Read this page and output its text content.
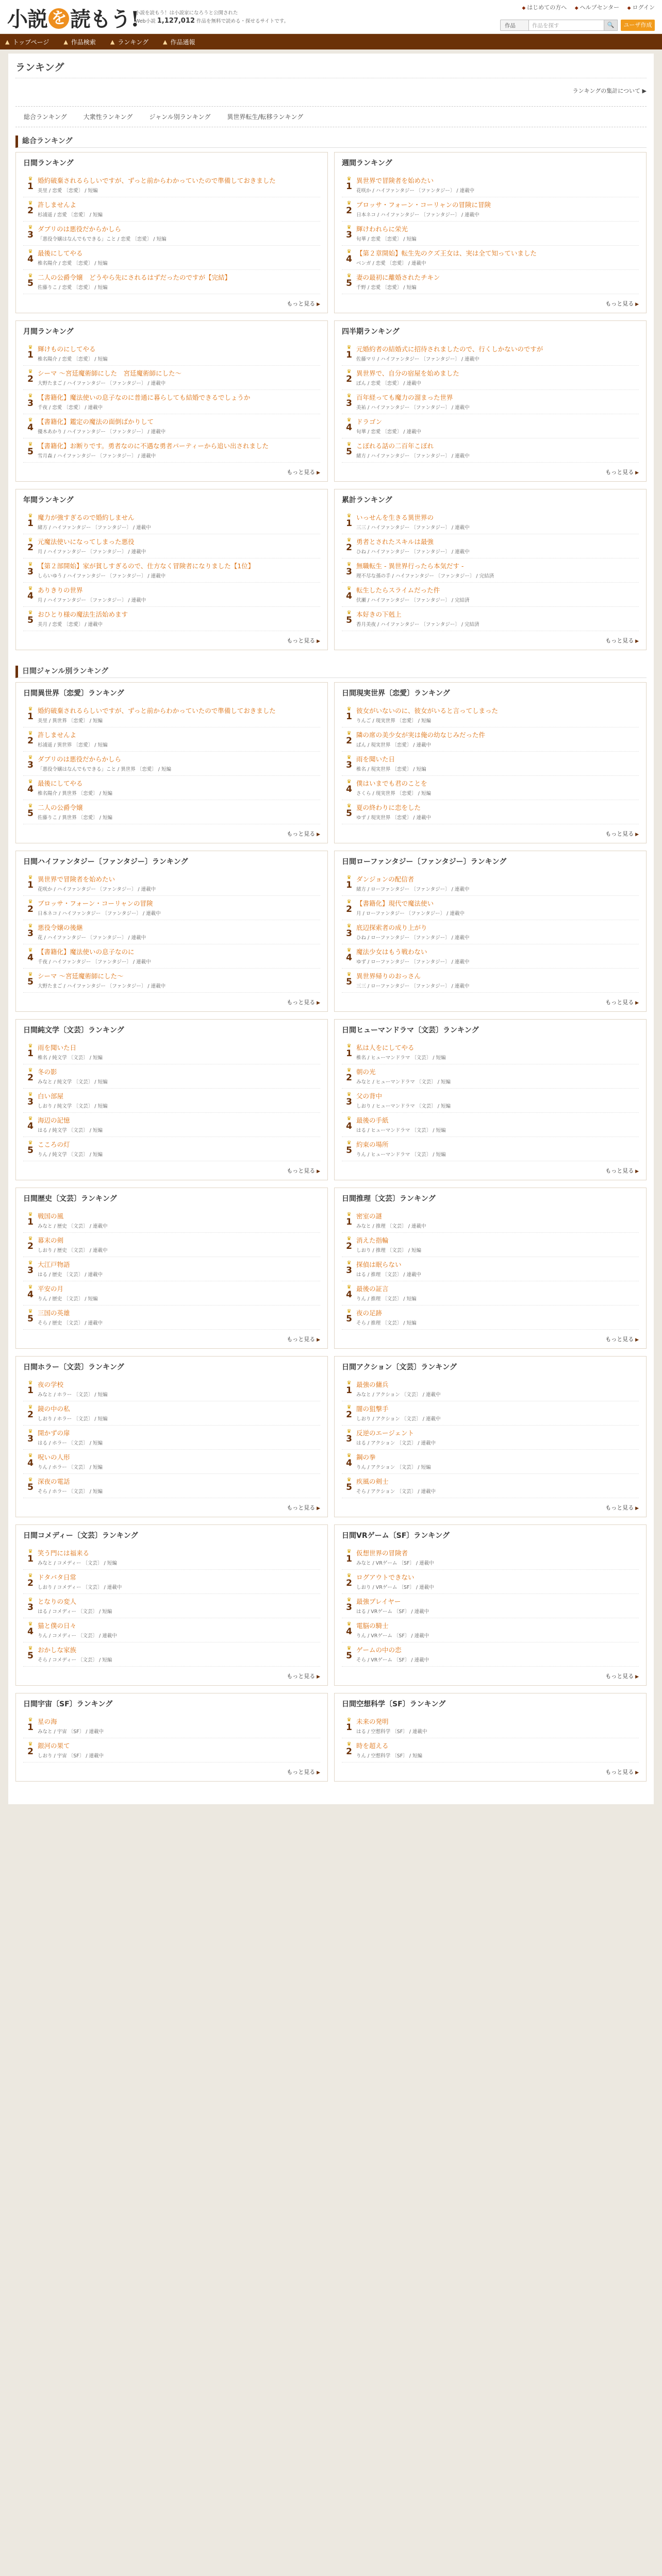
小説 を 読もう!
小説を読もう！は小説家になろうと公開された
Web小説 1,127,012 作品を無料で読める・探せるサイトです。
◆ はじめての方へ ◆ ヘルプセンター ◆ ログイン
作品	作品を探す	🔍	ユーザ作成
▲ トップページ	▲ 作品検索	▲ ランキング	▲ 作品通報
ランキング
ランキングの集計について ▶
総合ランキング	大衆性ランキング	ジャンル別ランキング	異世界転生/転移ランキング
総合ランキング
日間ランキング
♛
1
婚約破棄されるらしいですが、ずっと前からわかっていたので準備しておきました
美里 / 恋愛 〔恋愛〕 / 短編
♛
2
許しませんよ
杉浦遥 / 恋愛 〔恋愛〕 / 短編
♛
3
ダブリのは悪役だからかしら
「悪役令嬢はなんでもできる」こと / 恋愛 〔恋愛〕 / 短編
♛
4
最後にしてやる
椎名陽介 / 恋愛 〔恋愛〕 / 短編
♛
5
二人の公爵令嬢　どうやら先にされるはずだったのですが【完結】
佐藤りこ / 恋愛 〔恋愛〕 / 短編
もっと見る ▶
週間ランキング
♛
1
異世界で冒険者を始めたい
花咲か / ハイファンタジー 〔ファンタジー〕 / 連載中
♛
2
ブロッサ・フォーン・コーリャンの冒険に冒険
日本ネコ / ハイファンタジー 〔ファンタジー〕 / 連載中
♛
3
輝けわれらに栄光
旬華 / 恋愛 〔恋愛〕 / 短編
♛
4
【第２章開始】転生先のクズ王女は、実は全て知っていました
ベンガ / 恋愛 〔恋愛〕 / 連載中
♛
5
妻の最初に離婚されたチキン
千野 / 恋愛 〔恋愛〕 / 短編
もっと見る ▶
月間ランキング
♛
1
輝けものにしてやる
椎名陽介 / 恋愛 〔恋愛〕 / 短編
♛
2
シーマ 〜宮廷魔術師にした　宮廷魔術師にした〜
大野たまご / ハイファンタジー 〔ファンタジー〕 / 連載中
♛
3
【書籍化】魔法使いの息子なのに普通に暮らしても結婚できるでしょうか
千夜 / 恋愛 〔恋愛〕 / 連載中
♛
4
【書籍化】鑑定の魔法の面倒ばかりして
優木あかり / ハイファンタジー 〔ファンタジー〕 / 連載中
♛
5
【書籍化】お断りです。勇者なのに不遇な勇者パーティーから追い出されました
雪月森 / ハイファンタジー 〔ファンタジー〕 / 連載中
もっと見る ▶
四半期ランキング
♛
1
元婚約者の結婚式に招待されましたので、行くしかないのですが
佐藤マリ / ハイファンタジー 〔ファンタジー〕 / 連載中
♛
2
異世界で、自分の宿屋を始めました
ぽん / 恋愛 〔恋愛〕 / 連載中
♛
3
百年経っても魔力の溜まった世界
美祐 / ハイファンタジー 〔ファンタジー〕 / 連載中
♛
4
ドラゴン
旬華 / 恋愛 〔恋愛〕 / 連載中
♛
5
こぼれる話の二百年こぼれ
緒方 / ハイファンタジー 〔ファンタジー〕 / 連載中
もっと見る ▶
年間ランキング
♛
1
魔力が強すぎるので婚約しません
緒方 / ハイファンタジー 〔ファンタジー〕 / 連載中
♛
2
元魔法使いになってしまった悪役
月 / ハイファンタジー 〔ファンタジー〕 / 連載中
♛
3
【第２部開始】家が貧しすぎるので、仕方なく冒険者になりました【1位】
しらいゆう / ハイファンタジー 〔ファンタジー〕 / 連載中
♛
4
ありきりの世界
月 / ハイファンタジー 〔ファンタジー〕 / 連載中
♛
5
おひとり様の魔法生活始めます
美月 / 恋愛 〔恋愛〕 / 連載中
もっと見る ▶
累計ランキング
♛
1
いっせんを生きる異世界の
三三 / ハイファンタジー 〔ファンタジー〕 / 連載中
♛
2
勇者とされたスキルは最強
ひね / ハイファンタジー 〔ファンタジー〕 / 連載中
♛
3
無職転生 - 異世界行ったら本気だす -
理不尽な孫の手 / ハイファンタジー 〔ファンタジー〕 / 完結済
♛
4
転生したらスライムだった件
伏瀬 / ハイファンタジー 〔ファンタジー〕 / 完結済
♛
5
本好きの下剋上
香月美夜 / ハイファンタジー 〔ファンタジー〕 / 完結済
もっと見る ▶
日間ジャンル別ランキング
日間異世界〔恋愛〕ランキング
♛
1
婚約破棄されるらしいですが、ずっと前からわかっていたので準備しておきました
美里 / 異世界 〔恋愛〕 / 短編
♛
2
許しませんよ
杉浦遥 / 異世界 〔恋愛〕 / 短編
♛
3
ダブリのは悪役だからかしら
「悪役令嬢はなんでもできる」こと / 異世界 〔恋愛〕 / 短編
♛
4
最後にしてやる
椎名陽介 / 異世界 〔恋愛〕 / 短編
♛
5
二人の公爵令嬢
佐藤りこ / 異世界 〔恋愛〕 / 短編
もっと見る ▶
日間現実世界〔恋愛〕ランキング
♛
1
彼女がいないのに、彼女がいると言ってしまった
りんご / 現実世界 〔恋愛〕 / 短編
♛
2
隣の席の美少女が実は俺の幼なじみだった件
ぱん / 現実世界 〔恋愛〕 / 連載中
♛
3
雨を聞いた日
椎名 / 現実世界 〔恋愛〕 / 短編
♛
4
僕はいまでも君のことを
さくら / 現実世界 〔恋愛〕 / 短編
♛
5
夏の終わりに恋をした
ゆず / 現実世界 〔恋愛〕 / 連載中
もっと見る ▶
日間ハイファンタジー〔ファンタジー〕ランキング
♛
1
異世界で冒険者を始めたい
花咲か / ハイファンタジー 〔ファンタジー〕 / 連載中
♛
2
ブロッサ・フォーン・コーリャンの冒険
日本ネコ / ハイファンタジー 〔ファンタジー〕 / 連載中
♛
3
悪役令嬢の後継
花 / ハイファンタジー 〔ファンタジー〕 / 連載中
♛
4
【書籍化】魔法使いの息子なのに
千夜 / ハイファンタジー 〔ファンタジー〕 / 連載中
♛
5
シーマ 〜宮廷魔術師にした〜
大野たまご / ハイファンタジー 〔ファンタジー〕 / 連載中
もっと見る ▶
日間ローファンタジー〔ファンタジー〕ランキング
♛
1
ダンジョンの配信者
緒方 / ローファンタジー 〔ファンタジー〕 / 連載中
♛
2
【書籍化】現代で魔法使い
月 / ローファンタジー 〔ファンタジー〕 / 連載中
♛
3
底辺探索者の成り上がり
ひね / ローファンタジー 〔ファンタジー〕 / 連載中
♛
4
魔法少女はもう戦わない
ゆず / ローファンタジー 〔ファンタジー〕 / 連載中
♛
5
異世界帰りのおっさん
三三 / ローファンタジー 〔ファンタジー〕 / 連載中
もっと見る ▶
日間純文学〔文芸〕ランキング
♛
1
雨を聞いた日
椎名 / 純文学 〔文芸〕 / 短編
♛
2
冬の影
みなと / 純文学 〔文芸〕 / 短編
♛
3
白い部屋
しおり / 純文学 〔文芸〕 / 短編
♛
4
海辺の記憶
はる / 純文学 〔文芸〕 / 短編
♛
5
こころの灯
りん / 純文学 〔文芸〕 / 短編
もっと見る ▶
日間ヒューマンドラマ〔文芸〕ランキング
♛
1
私は人をにしてやる
椎名 / ヒューマンドラマ 〔文芸〕 / 短編
♛
2
朝の光
みなと / ヒューマンドラマ 〔文芸〕 / 短編
♛
3
父の背中
しおり / ヒューマンドラマ 〔文芸〕 / 短編
♛
4
最後の手紙
はる / ヒューマンドラマ 〔文芸〕 / 短編
♛
5
約束の場所
りん / ヒューマンドラマ 〔文芸〕 / 短編
もっと見る ▶
日間歴史〔文芸〕ランキング
♛
1
戦国の風
みなと / 歴史 〔文芸〕 / 連載中
♛
2
幕末の剣
しおり / 歴史 〔文芸〕 / 連載中
♛
3
大江戸物語
はる / 歴史 〔文芸〕 / 連載中
♛
4
平安の月
りん / 歴史 〔文芸〕 / 短編
♛
5
三国の英雄
そら / 歴史 〔文芸〕 / 連載中
もっと見る ▶
日間推理〔文芸〕ランキング
♛
1
密室の謎
みなと / 推理 〔文芸〕 / 連載中
♛
2
消えた指輪
しおり / 推理 〔文芸〕 / 短編
♛
3
探偵は眠らない
はる / 推理 〔文芸〕 / 連載中
♛
4
最後の証言
りん / 推理 〔文芸〕 / 短編
♛
5
夜の足跡
そら / 推理 〔文芸〕 / 短編
もっと見る ▶
日間ホラー〔文芸〕ランキング
♛
1
夜の学校
みなと / ホラー 〔文芸〕 / 短編
♛
2
鏡の中の私
しおり / ホラー 〔文芸〕 / 短編
♛
3
開かずの扉
はる / ホラー 〔文芸〕 / 短編
♛
4
呪いの人形
りん / ホラー 〔文芸〕 / 短編
♛
5
深夜の電話
そら / ホラー 〔文芸〕 / 短編
もっと見る ▶
日間アクション〔文芸〕ランキング
♛
1
最強の傭兵
みなと / アクション 〔文芸〕 / 連載中
♛
2
闇の狙撃手
しおり / アクション 〔文芸〕 / 連載中
♛
3
反逆のエージェント
はる / アクション 〔文芸〕 / 連載中
♛
4
鋼の拳
りん / アクション 〔文芸〕 / 短編
♛
5
疾風の剣士
そら / アクション 〔文芸〕 / 連載中
もっと見る ▶
日間コメディー〔文芸〕ランキング
♛
1
笑う門には福来る
みなと / コメディー 〔文芸〕 / 短編
♛
2
ドタバタ日常
しおり / コメディー 〔文芸〕 / 連載中
♛
3
となりの変人
はる / コメディー 〔文芸〕 / 短編
♛
4
猫と僕の日々
りん / コメディー 〔文芸〕 / 連載中
♛
5
おかしな家族
そら / コメディー 〔文芸〕 / 短編
もっと見る ▶
日間VRゲーム〔SF〕ランキング
♛
1
仮想世界の冒険者
みなと / VRゲーム 〔SF〕 / 連載中
♛
2
ログアウトできない
しおり / VRゲーム 〔SF〕 / 連載中
♛
3
最強プレイヤー
はる / VRゲーム 〔SF〕 / 連載中
♛
4
電脳の騎士
りん / VRゲーム 〔SF〕 / 連載中
♛
5
ゲームの中の恋
そら / VRゲーム 〔SF〕 / 連載中
もっと見る ▶
日間宇宙〔SF〕ランキング
♛
1
星の海
みなと / 宇宙 〔SF〕 / 連載中
♛
2
銀河の果て
しおり / 宇宙 〔SF〕 / 連載中
もっと見る ▶
日間空想科学〔SF〕ランキング
♛
1
未来の発明
はる / 空想科学 〔SF〕 / 連載中
♛
2
時を超える
りん / 空想科学 〔SF〕 / 短編
もっと見る ▶
